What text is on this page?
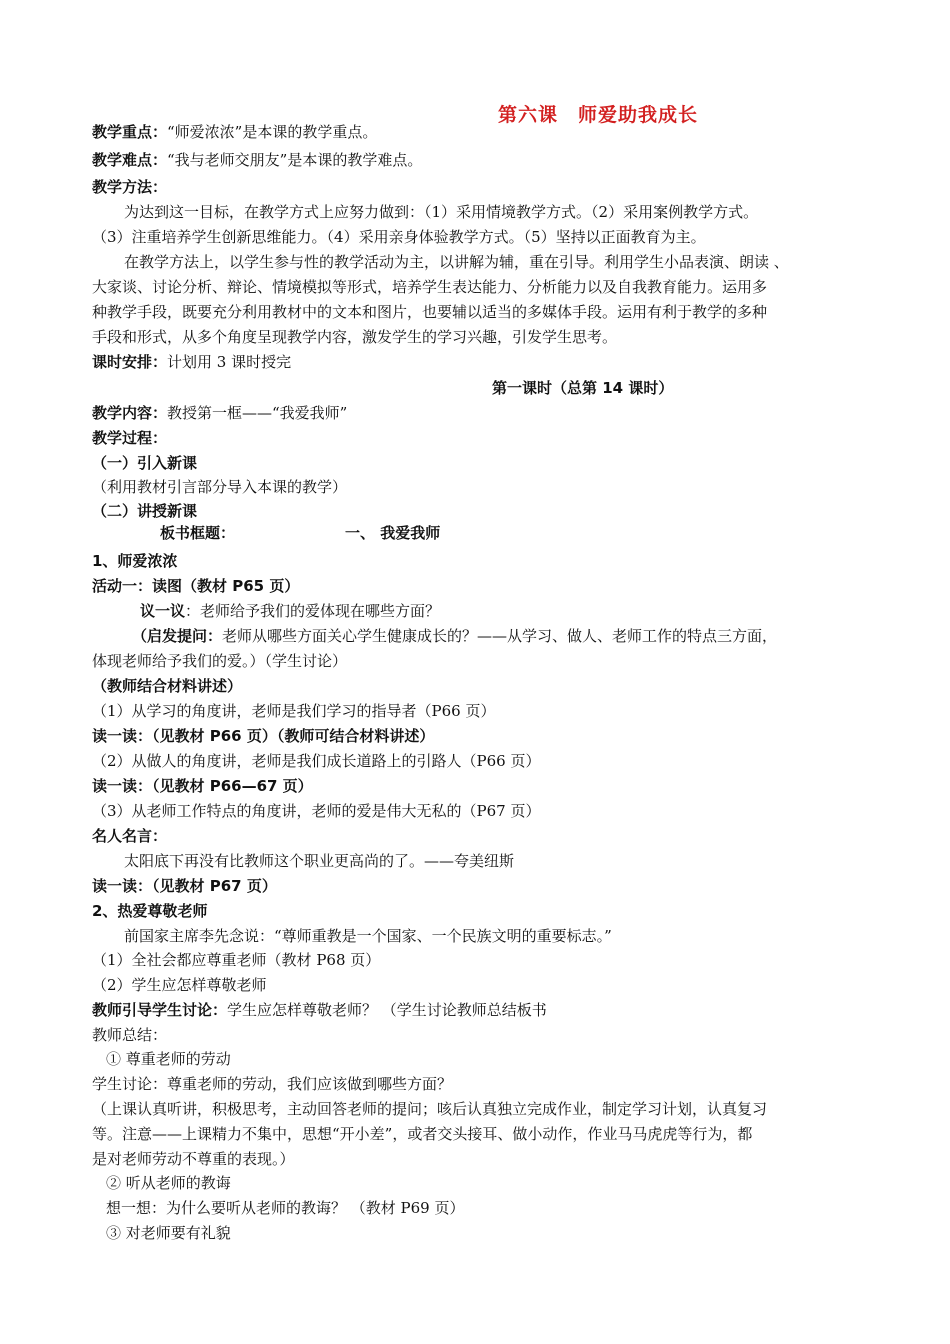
第六课　师爱助我成长
教学重点：“师爱浓浓”是本课的教学重点。
教学难点：“我与老师交朋友”是本课的教学难点。
教学方法：
为达到这一目标，在教学方式上应努力做到：（1）采用情境教学方式。（2）采用案例教学方式。
（3）注重培养学生创新思维能力。（4）采用亲身体验教学方式。（5）坚持以正面教育为主。
在教学方法上，以学生参与性的教学活动为主，以讲解为辅，重在引导。利用学生小品表演、朗读 、
大家谈、讨论分析、辩论、情境模拟等形式，培养学生表达能力、分析能力以及自我教育能力。运用多
种教学手段，既要充分利用教材中的文本和图片，也要辅以适当的多媒体手段。运用有利于教学的多种
手段和形式，从多个角度呈现教学内容，激发学生的学习兴趣，引发学生思考。
课时安排：计划用 3 课时授完
第一课时（总第 14 课时）
教学内容：教授第一框——“我爱我师”
教学过程：
（一）引入新课
（利用教材引言部分导入本课的教学）
（二）讲授新课
板书框题：	一、 我爱我师
1、师爱浓浓
活动一：读图（教材 P65 页）
议一议：老师给予我们的爱体现在哪些方面？
（启发提问：老师从哪些方面关心学生健康成长的？——从学习、做人、老师工作的特点三方面，
体现老师给予我们的爱。）（学生讨论）
（教师结合材料讲述）
（1）从学习的角度讲，老师是我们学习的指导者（P66 页）
读一读：（见教材 P66 页）（教师可结合材料讲述）
（2）从做人的角度讲，老师是我们成长道路上的引路人（P66 页）
读一读：（见教材 P66—67 页）
（3）从老师工作特点的角度讲，老师的爱是伟大无私的（P67 页）
名人名言：
太阳底下再没有比教师这个职业更高尚的了。——夸美纽斯
读一读：（见教材 P67 页）
2、热爱尊敬老师
前国家主席李先念说：“尊师重教是一个国家、一个民族文明的重要标志。”
（1）全社会都应尊重老师（教材 P68 页）
（2）学生应怎样尊敬老师
教师引导学生讨论：学生应怎样尊敬老师？ （学生讨论教师总结板书
教师总结：
① 尊重老师的劳动
学生讨论：尊重老师的劳动，我们应该做到哪些方面？
（上课认真听讲，积极思考，主动回答老师的提问；咳后认真独立完成作业，制定学习计划，认真复习
等。注意——上课精力不集中，思想“开小差”，或者交头接耳、做小动作，作业马马虎虎等行为，都
是对老师劳动不尊重的表现。）
② 听从老师的教诲
想一想：为什么要听从老师的教诲？ （教材 P69 页）
③ 对老师要有礼貌
